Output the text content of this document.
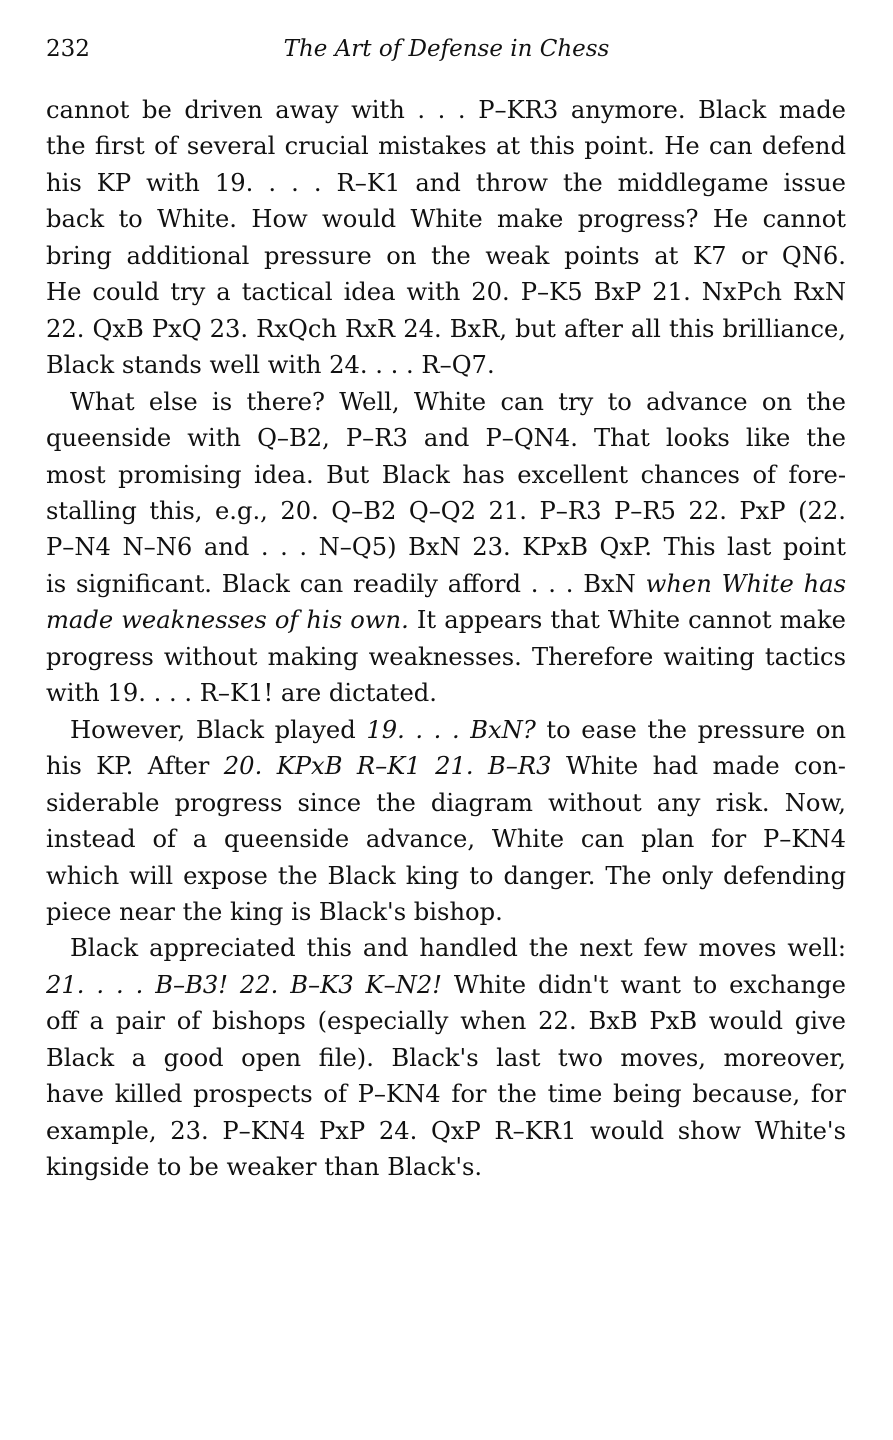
232	The Art of Defense in Chess
cannot be driven away with . . . P–KR3 anymore. Black made
the first of several crucial mistakes at this point. He can defend
his KP with 19. . . . R–K1 and throw the middlegame issue
back to White. How would White make progress? He cannot
bring additional pressure on the weak points at K7 or QN6.
He could try a tactical idea with 20. P–K5 BxP 21. NxPch RxN
22. QxB PxQ 23. RxQch RxR 24. BxR, but after all this brilliance,
Black stands well with 24. . . . R–Q7.
What else is there? Well, White can try to advance on the
queenside with Q–B2, P–R3 and P–QN4. That looks like the
most promising idea. But Black has excellent chances of fore-
stalling this, e.g., 20. Q–B2 Q–Q2 21. P–R3 P–R5 22. PxP (22.
P–N4 N–N6 and . . . N–Q5) BxN 23. KPxB QxP. This last point
is significant. Black can readily afford . . . BxN when White has
made weaknesses of his own. It appears that White cannot make
progress without making weaknesses. Therefore waiting tactics
with 19. . . . R–K1! are dictated.
However, Black played 19. . . . BxN? to ease the pressure on
his KP. After 20. KPxB R–K1 21. B–R3 White had made con-
siderable progress since the diagram without any risk. Now,
instead of a queenside advance, White can plan for P–KN4
which will expose the Black king to danger. The only defending
piece near the king is Black's bishop.
Black appreciated this and handled the next few moves well:
21. . . . B–B3! 22. B–K3 K–N2! White didn't want to exchange
off a pair of bishops (especially when 22. BxB PxB would give
Black a good open file). Black's last two moves, moreover,
have killed prospects of P–KN4 for the time being because, for
example, 23. P–KN4 PxP 24. QxP R–KR1 would show White's
kingside to be weaker than Black's.
